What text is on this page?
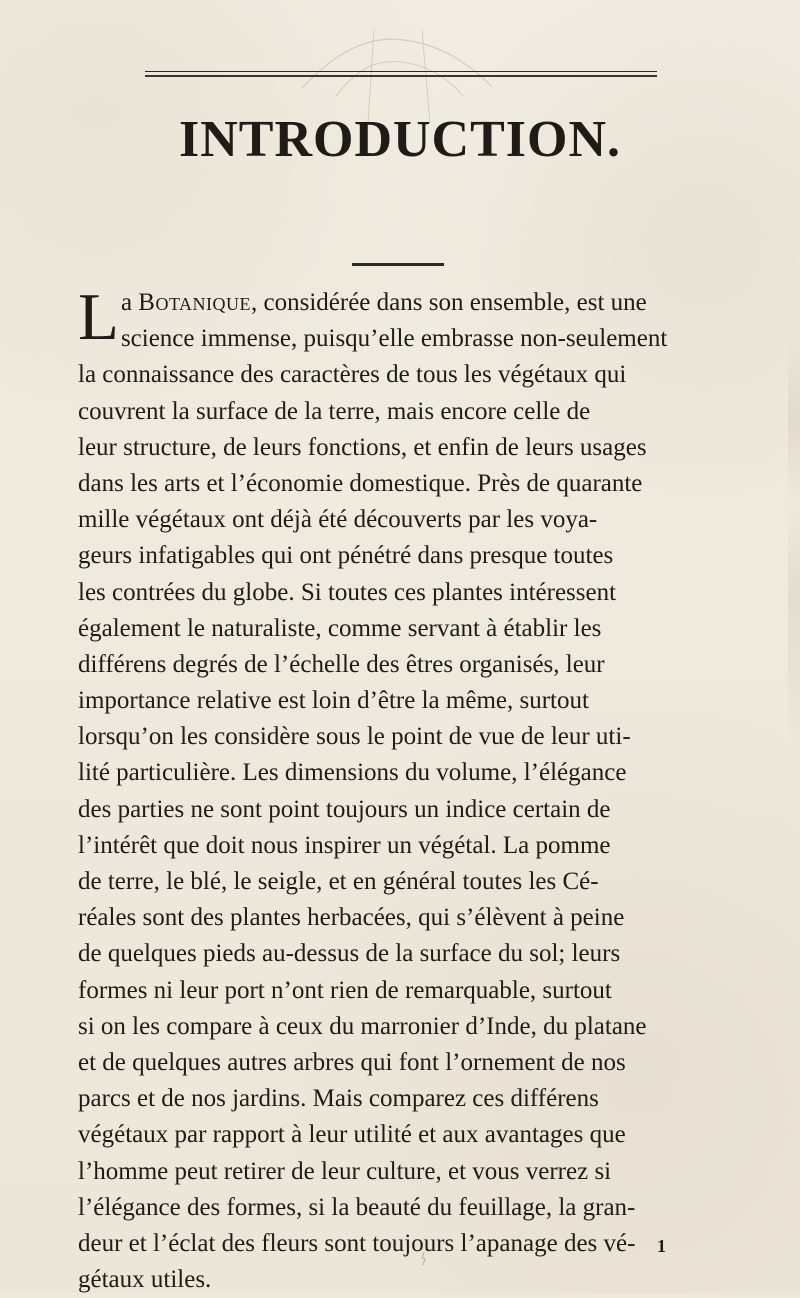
INTRODUCTION.
La Botanique, considérée dans son ensemble, est une
science immense, puisqu’elle embrasse non-seulement
la connaissance des caractères de tous les végétaux qui
couvrent la surface de la terre, mais encore celle de
leur structure, de leurs fonctions, et enfin de leurs usages
dans les arts et l’économie domestique. Près de quarante
mille végétaux ont déjà été découverts par les voya-
geurs infatigables qui ont pénétré dans presque toutes
les contrées du globe. Si toutes ces plantes intéressent
également le naturaliste, comme servant à établir les
différens degrés de l’échelle des êtres organisés, leur
importance relative est loin d’être la même, surtout
lorsqu’on les considère sous le point de vue de leur uti-
lité particulière. Les dimensions du volume, l’élégance
des parties ne sont point toujours un indice certain de
l’intérêt que doit nous inspirer un végétal. La pomme
de terre, le blé, le seigle, et en général toutes les Cé-
réales sont des plantes herbacées, qui s’élèvent à peine
de quelques pieds au-dessus de la surface du sol; leurs
formes ni leur port n’ont rien de remarquable, surtout
si on les compare à ceux du marronier d’Inde, du platane
et de quelques autres arbres qui font l’ornement de nos
parcs et de nos jardins. Mais comparez ces différens
végétaux par rapport à leur utilité et aux avantages que
l’homme peut retirer de leur culture, et vous verrez si
l’élégance des formes, si la beauté du feuillage, la gran-
deur et l’éclat des fleurs sont toujours l’apanage des vé-
gétaux utiles.
1
